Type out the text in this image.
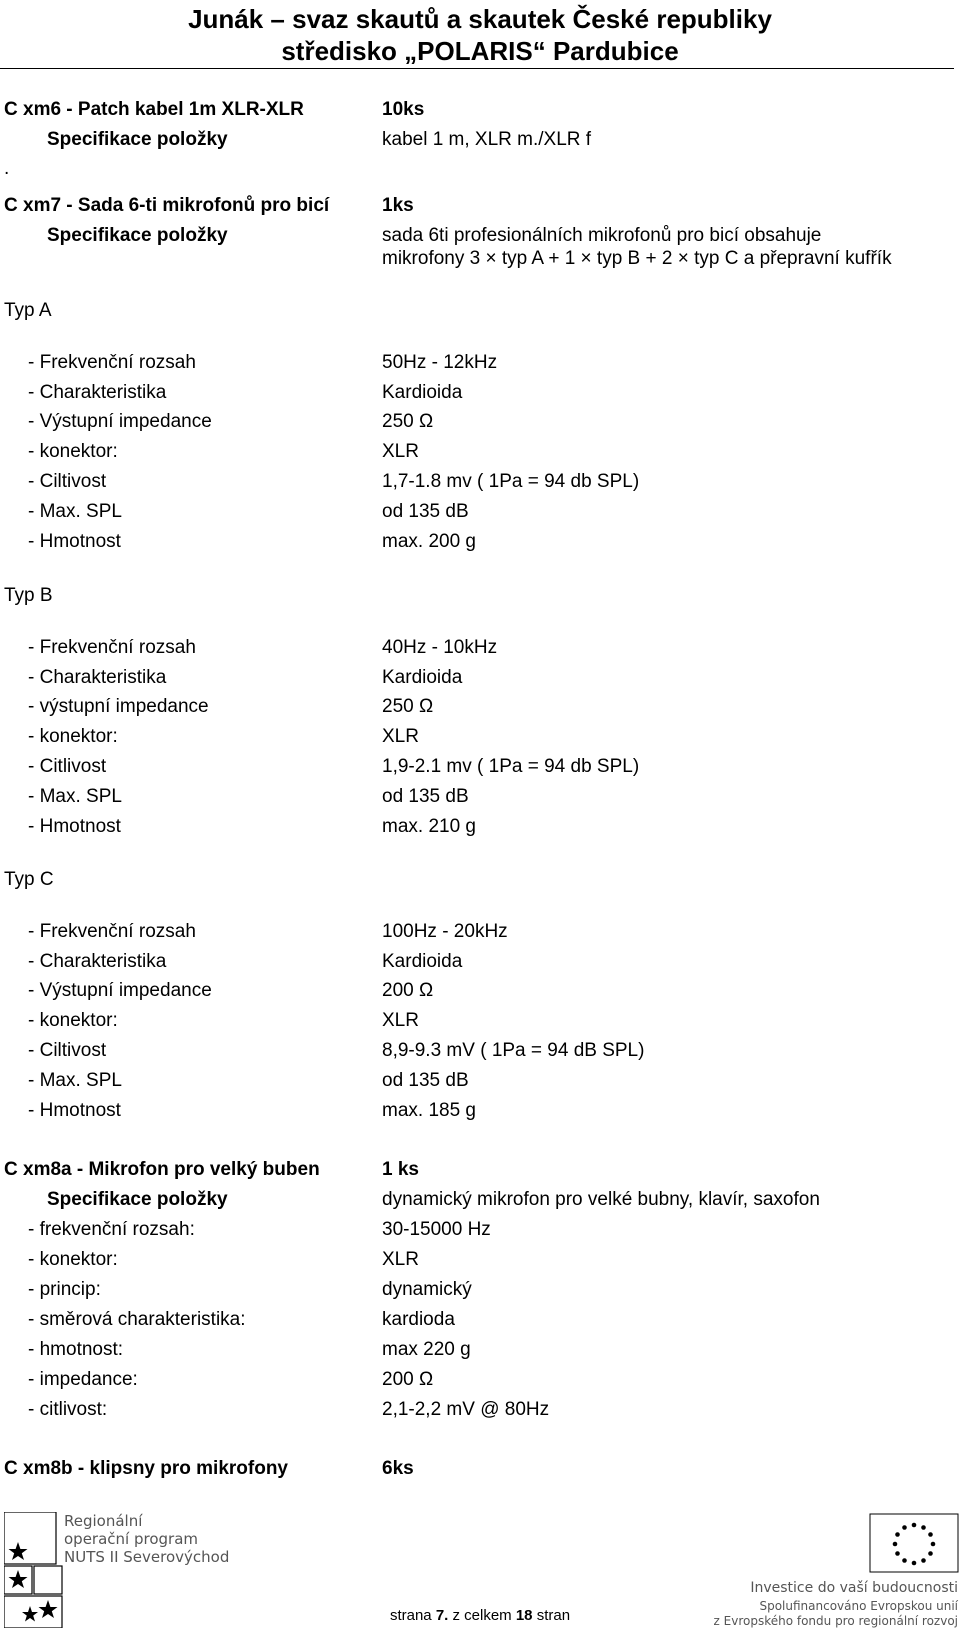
Junák – svaz skautů a skautek České republiky
středisko „POLARIS“ Pardubice
C xm6 - Patch kabel 1m XLR-XLR	10ks
Specifikace položky	kabel 1 m, XLR m./XLR f
.
C xm7 - Sada 6-ti mikrofonů pro bicí	1ks
Specifikace položky	sada 6ti profesionálních mikrofonů pro bicí obsahuje
mikrofony 3 × typ A + 1 × typ B + 2 × typ C a přepravní kufřík
Typ A
- Frekvenční rozsah	50Hz - 12kHz
- Charakteristika	Kardioida
- Výstupní impedance	250 Ω
- konektor:	XLR
- Ciltivost	1,7-1.8 mv ( 1Pa = 94 db SPL)
- Max. SPL	od 135 dB
- Hmotnost	max. 200 g
Typ B
- Frekvenční rozsah	40Hz - 10kHz
- Charakteristika	Kardioida
- výstupní impedance	250 Ω
- konektor:	XLR
- Citlivost	1,9-2.1 mv ( 1Pa = 94 db SPL)
- Max. SPL	od 135 dB
- Hmotnost	max. 210 g
Typ C
- Frekvenční rozsah	100Hz - 20kHz
- Charakteristika	Kardioida
- Výstupní impedance	200 Ω
- konektor:	XLR
- Ciltivost	8,9-9.3 mV ( 1Pa = 94 dB SPL)
- Max. SPL	od 135 dB
- Hmotnost	max. 185 g
C xm8a - Mikrofon pro velký buben	1 ks
Specifikace položky	dynamický mikrofon pro velké bubny, klavír, saxofon
- frekvenční rozsah:	30-15000 Hz
- konektor:	XLR
- princip:	dynamický
- směrová charakteristika:	kardioda
- hmotnost:	max 220 g
- impedance:	200 Ω
- citlivost:	2,1-2,2 mV @ 80Hz
C xm8b - klipsny pro mikrofony	6ks
Regionální
operační program
NUTS II Severovýchod
Investice do vaší budoucnosti
Spolufinancováno Evropskou unií
z Evropského fondu pro regionální rozvoj
strana 7. z celkem 18 stran
